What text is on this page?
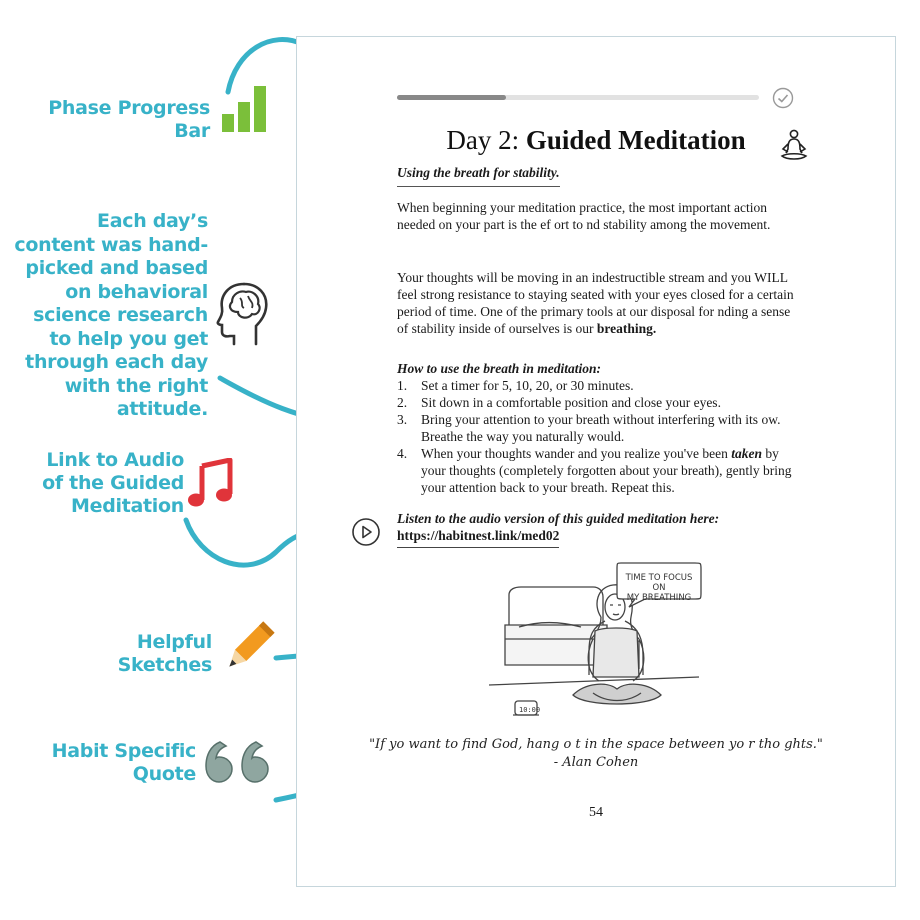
Phase Progress
Bar
Each day’s
content was hand-
picked and based
on behavioral
science research
to help you get
through each day
with the right
attitude.
Link to Audio
of the Guided
Meditation
Helpful
Sketches
Habit Specific
Quote
Day 2: Guided Meditation
Using the breath for stability.
When beginning your meditation practice, the most important action needed on your part is the ef ort to nd stability among the movement.
Your thoughts will be moving in an indestructible stream and you WILL feel strong resistance to staying seated with your eyes closed for a certain period of time. One of the primary tools at our disposal for nding a sense of stability inside of ourselves is our breathing.
How to use the breath in meditation:
1. Set a timer for 5, 10, 20, or 30 minutes.
2. Sit down in a comfortable position and close your eyes.
3. Bring your attention to your breath without interfering with its ow. Breathe the way you naturally would.
4. When your thoughts wander and you realize you've been taken by your thoughts (completely forgotten about your breath), gently bring your attention back to your breath. Repeat this.
Listen to the audio version of this guided meditation here:
https://habitnest.link/med02
TIME TO FOCUS ON
MY BREATHING
10:00
"If yo want to find God, hang o t in the space between yo r tho ghts."
- Alan Cohen
54
